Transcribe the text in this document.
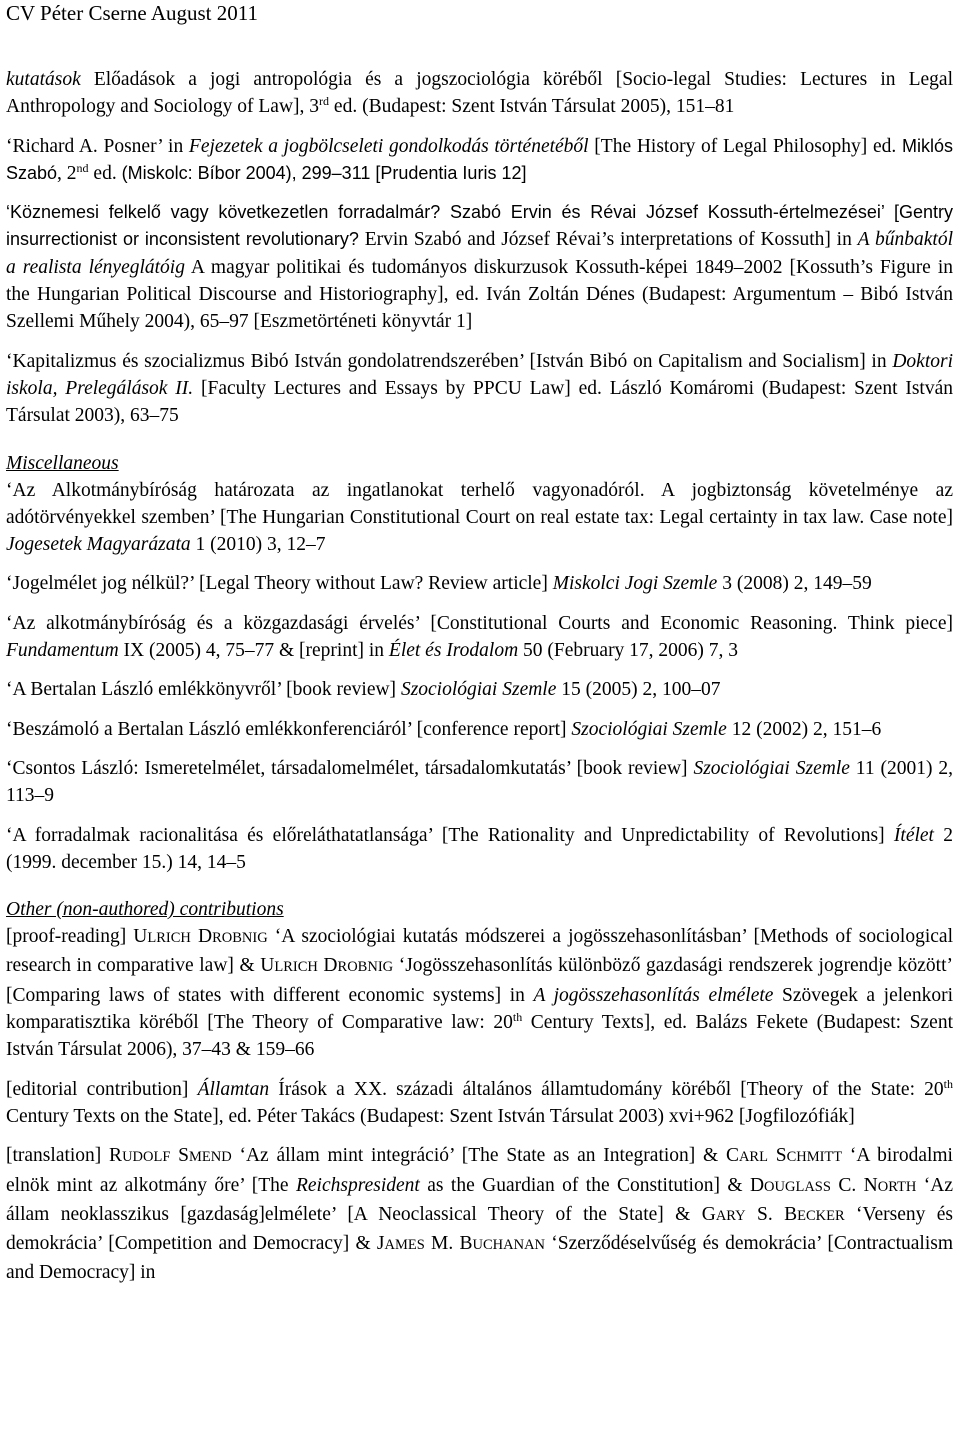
CV Péter Cserne August 2011

kutatások Előadások a jogi antropológia és a jogszociológia köréből [Socio-legal Studies: Lectures in Legal Anthropology and Sociology of Law], 3rd ed. (Budapest: Szent István Társulat 2005), 151–81

‘Richard A. Posner’ in Fejezetek a jogbölcseleti gondolkodás történetéből [The History of Legal Philosophy] ed. Miklós Szabó, 2nd ed. (Miskolc: Bíbor 2004), 299–311 [Prudentia Iuris 12]

‘Köznemesi felkelő vagy következetlen forradalmár? Szabó Ervin és Révai József Kossuth-értelmezései’ [Gentry insurrectionist or inconsistent revolutionary? Ervin Szabó and József Révai’s interpretations of Kossuth] in A bűnbaktól a realista lényeglátóig A magyar politikai és tudományos diskurzusok Kossuth-képei 1849–2002 [Kossuth’s Figure in the Hungarian Political Discourse and Historiography], ed. Iván Zoltán Dénes (Budapest: Argumentum – Bibó István Szellemi Műhely 2004), 65–97 [Eszmetörténeti könyvtár 1]

‘Kapitalizmus és szocializmus Bibó István gondolatrendszerében’ [István Bibó on Capitalism and Socialism] in Doktori iskola, Prelegálások II. [Faculty Lectures and Essays by PPCU Law] ed. László Komáromi (Budapest: Szent István Társulat 2003), 63–75

Miscellaneous

‘Az Alkotmánybíróság határozata az ingatlanokat terhelő vagyonadóról. A jogbiztonság követelménye az adótörvényekkel szemben’ [The Hungarian Constitutional Court on real estate tax: Legal certainty in tax law. Case note] Jogesetek Magyarázata 1 (2010) 3, 12–7

‘Jogelmélet jog nélkül?’ [Legal Theory without Law? Review article] Miskolci Jogi Szemle 3 (2008) 2, 149–59

‘Az alkotmánybíróság és a közgazdasági érvelés’ [Constitutional Courts and Economic Reasoning. Think piece] Fundamentum IX (2005) 4, 75–77 & [reprint] in Élet és Irodalom 50 (February 17, 2006) 7, 3

‘A Bertalan László emlékkönyvről’ [book review] Szociológiai Szemle 15 (2005) 2, 100–07

‘Beszámoló a Bertalan László emlékkonferenciáról’ [conference report] Szociológiai Szemle 12 (2002) 2, 151–6

‘Csontos László: Ismeretelmélet, társadalomelmélet, társadalomkutatás’ [book review] Szociológiai Szemle 11 (2001) 2, 113–9

‘A forradalmak racionalitása és előreláthatatlansága’ [The Rationality and Unpredictability of Revolutions] Ítélet 2 (1999. december 15.) 14, 14–5

Other (non-authored) contributions

[proof-reading] ULRICH DROBNIG ‘A szociológiai kutatás módszerei a jogösszehasonlításban’ [Methods of sociological research in comparative law] & ULRICH DROBNIG ‘Jogösszehasonlítás különböző gazdasági rendszerek jogrendje között’ [Comparing laws of states with different economic systems] in A jogösszehasonlítás elmélete Szövegek a jelenkori komparatisztika köréből [The Theory of Comparative law: 20th Century Texts], ed. Balázs Fekete (Budapest: Szent István Társulat 2006), 37–43 & 159–66

[editorial contribution] Államtan Írások a XX. századi általános államtudomány köréből [Theory of the State: 20th Century Texts on the State], ed. Péter Takács (Budapest: Szent István Társulat 2003) xvi+962 [Jogfilozófiák]

[translation] RUDOLF SMEND ‘Az állam mint integráció’ [The State as an Integration] & CARL SCHMITT ‘A birodalmi elnök mint az alkotmány őre’ [The Reichspresident as the Guardian of the Constitution] & DOUGLASS C. NORTH ‘Az állam neoklasszikus [gazdaság]elmélete’ [A Neoclassical Theory of the State] & GARY S. BECKER ‘Verseny és demokrácia’ [Competition and Democracy] & JAMES M. BUCHANAN ‘Szerződéselvűség és demokrácia’ [Contractualism and Democracy] in
